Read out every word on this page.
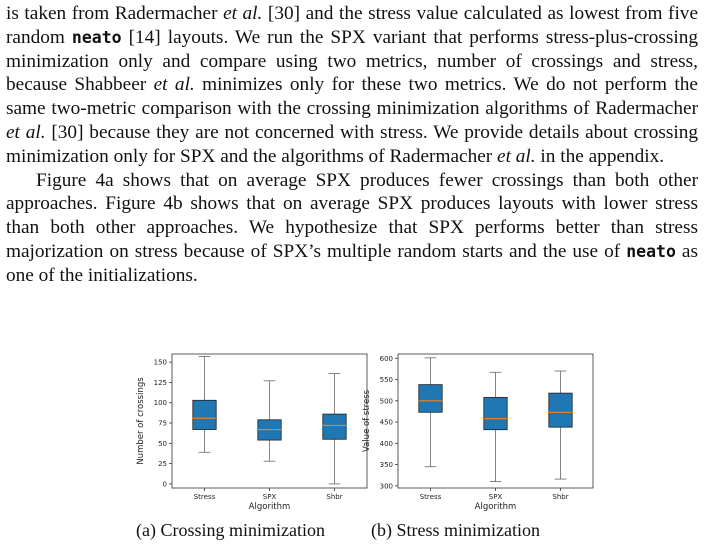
is taken from Radermacher et al. [30] and the stress value calculated as lowest from five random neato [14] layouts. We run the SPX variant that performs stress-plus-crossing minimization only and compare using two metrics, number of crossings and stress, because Shabbeer et al. minimizes only for these two metrics. We do not perform the same two-metric comparison with the crossing minimization algorithms of Radermacher et al. [30] because they are not concerned with stress. We provide details about crossing minimization only for SPX and the algorithms of Radermacher et al. in the appendix.

Figure 4a shows that on average SPX produces fewer crossings than both other approaches. Figure 4b shows that on average SPX produces layouts with lower stress than both other approaches. We hypothesize that SPX performs better than stress majorization on stress because of SPX’s multiple random starts and the use of neato as one of the initializations.

0
25
50
75
100
125
150
Stress	SPX	Shbr
Algorithm
Number of crossings
300
350
400
450
500
550
600
Stress	SPX	Shbr
Algorithm
Value of stress
(a) Crossing minimization	(b) Stress minimization
